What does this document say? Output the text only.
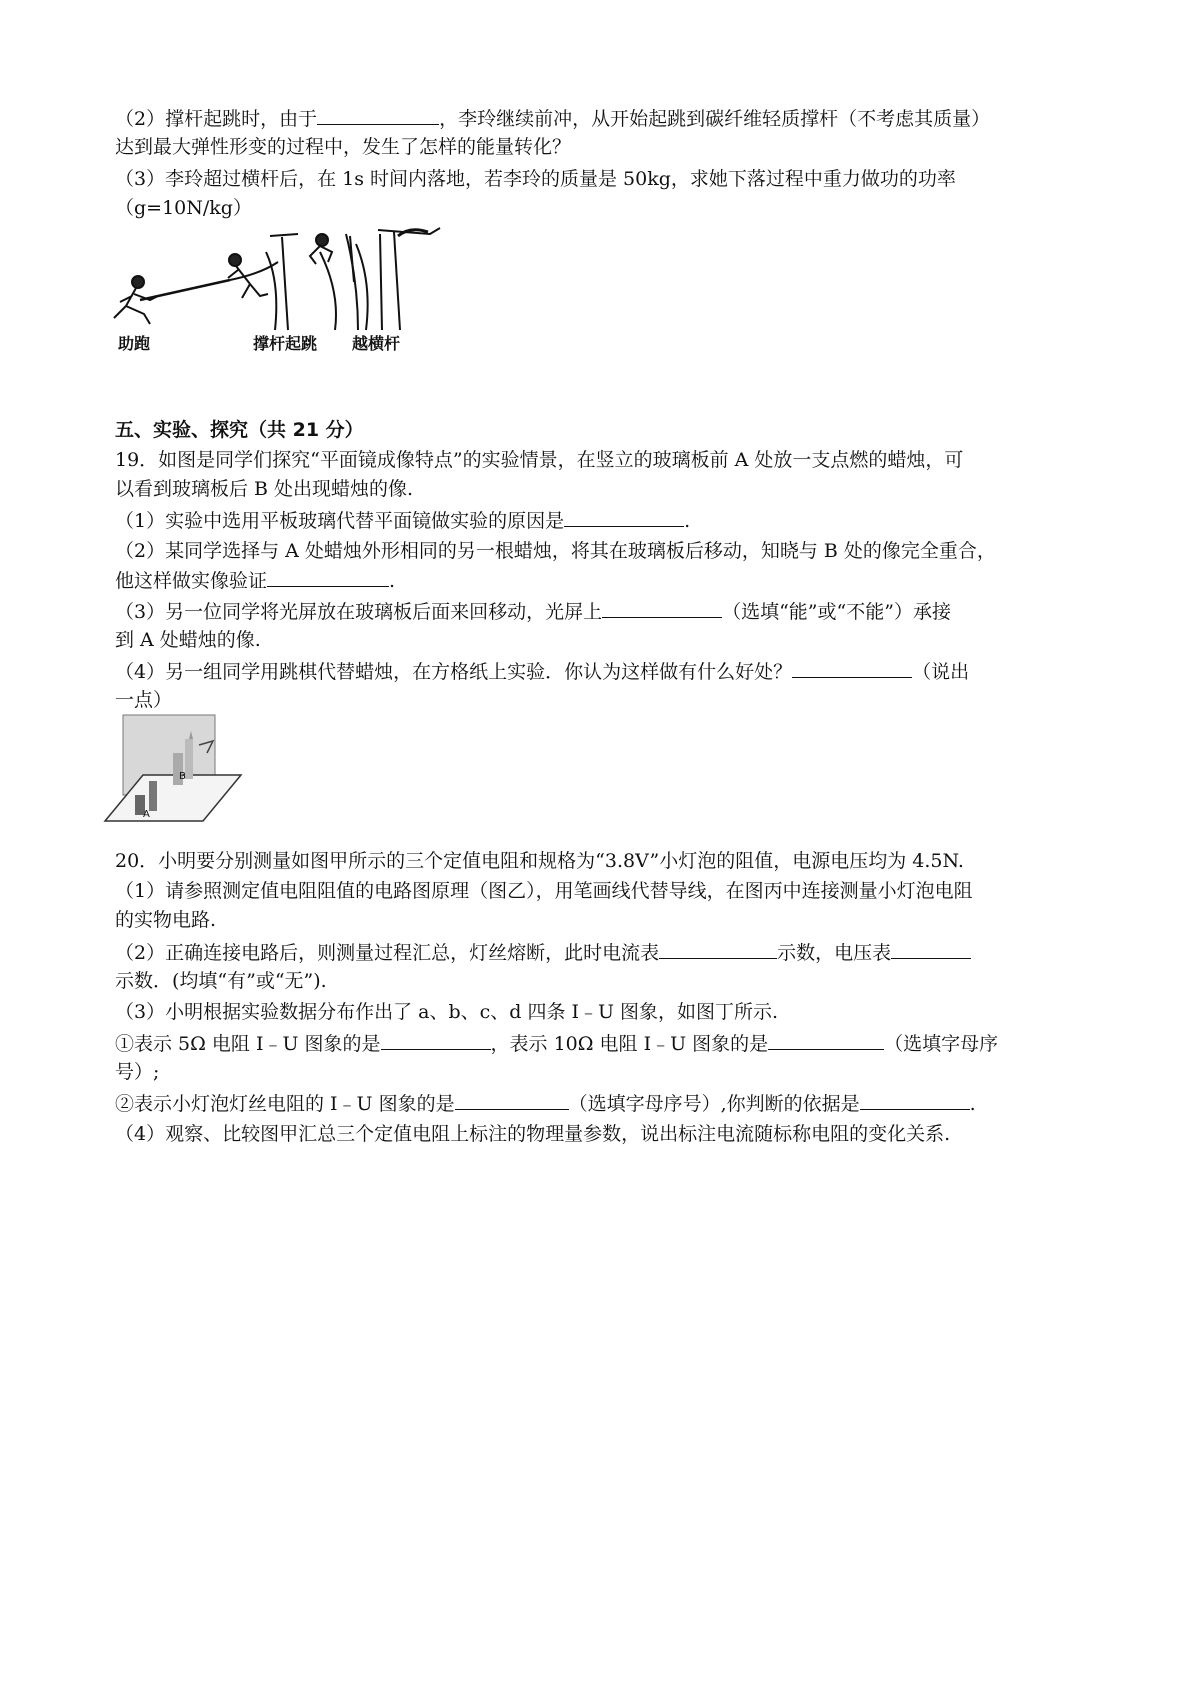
（2）撑杆起跳时，由于	，李玲继续前冲，从开始起跳到碳纤维轻质撑杆（不考虑其质量）
达到最大弹性形变的过程中，发生了怎样的能量转化？
（3）李玲超过横杆后，在 1s 时间内落地，若李玲的质量是 50kg，求她下落过程中重力做功的功率
（g=10N/kg）
助跑	撑杆起跳 越横杆
五、实验、探究（共 21 分）
19．如图是同学们探究“平面镜成像特点”的实验情景，在竖立的玻璃板前 A 处放一支点燃的蜡烛，可
以看到玻璃板后 B 处出现蜡烛的像.
（1）实验中选用平板玻璃代替平面镜做实验的原因是	.
（2）某同学选择与 A 处蜡烛外形相同的另一根蜡烛，将其在玻璃板后移动，知晓与 B 处的像完全重合，
他这样做实像验证	.
（3）另一位同学将光屏放在玻璃板后面来回移动，光屏上	（选填“能”或“不能”）承接
到 A 处蜡烛的像.
（4）另一组同学用跳棋代替蜡烛，在方格纸上实验．你认为这样做有什么好处？	（说出
一点）
A
B
20．小明要分别测量如图甲所示的三个定值电阻和规格为“3.8V”小灯泡的阻值，电源电压均为 4.5N.
（1）请参照测定值电阻阻值的电路图原理（图乙），用笔画线代替导线，在图丙中连接测量小灯泡电阻
的实物电路.
（2）正确连接电路后，则测量过程汇总，灯丝熔断，此时电流表	示数，电压表
示数．(均填“有”或“无”).
（3）小明根据实验数据分布作出了 a、b、c、d 四条 I﹣U 图象，如图丁所示.
①表示 5Ω 电阻 I﹣U 图象的是	，表示 10Ω 电阻 I﹣U 图象的是	（选填字母序
号）;
②表示小灯泡灯丝电阻的 I﹣U 图象的是	（选填字母序号）,你判断的依据是	.
（4）观察、比较图甲汇总三个定值电阻上标注的物理量参数，说出标注电流随标称电阻的变化关系.
